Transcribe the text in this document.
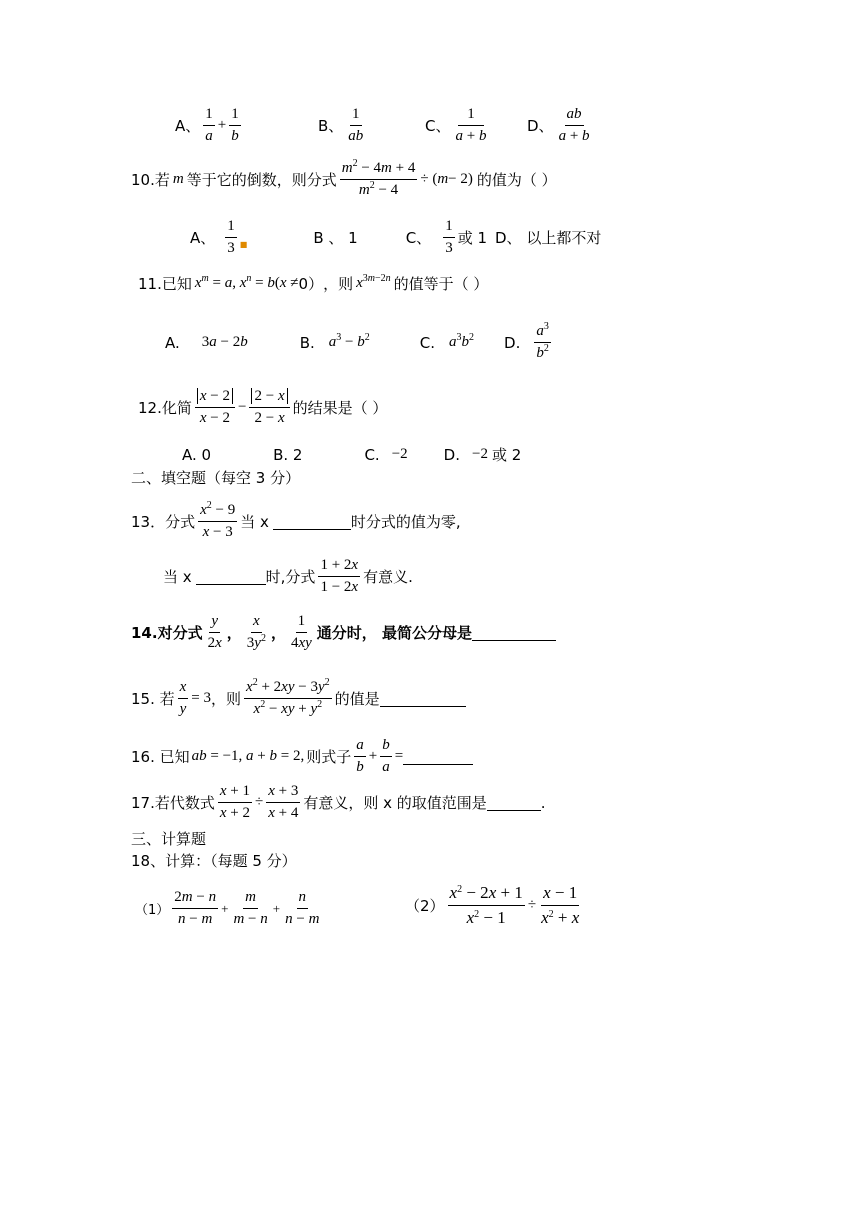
A、 $\frac{1}{a} + \frac{1}{b}$	B、 $\frac{1}{ab}$	C、 $\frac{1}{a + b}$	D、 $\frac{ab}{a + b}$
10.若 m 等于它的倒数，则分式 $\frac{m^2 - 4m + 4}{m^2 - 4}$ ÷ ( m − 2) 的值为（ ）
A、 $\frac{1}{3}$ ■	B 、 1	C、 $\frac{1}{3}$ 或 1 D、 以上都不对
11.已知 $x^m = a$, $x^n = b(x \ne 0)$ ，则 $x^{3m-2n}$ 的值等于（ ）
A. 3a − 2b	B. $a^3 - b^2$	C. $a^3b^2$ D. $\frac{a^3}{b^2}$
12.化简 $\frac{x - 2}{x - 2} - \frac{2 - x}{2 - x}$ 的结果是（ ）
A. 0	B. 2	C. −2 D. −2 或 2
二、填空题（每空 3 分）
13．分式 $\frac{x^2 - 9}{x - 3}$ 当 x	时分式的值为零,
当 x	时,分式 $\frac{1 + 2x}{1 - 2x}$ 有意义.
14.对分式 $\frac{y}{2x}$ ， $\frac{x}{3y^2}$ ， $\frac{1}{4xy}$ 通分时， 最简公分母是
15. 若 $\frac{x}{y} = 3$ ，则 $\frac{x^2 + 2xy - 3y^2}{x^2 - xy + y^2}$ 的值是
16. 已知 ab = −1, a + b = 2, 则式子 $\frac{a}{b} + \frac{b}{a}$ =
17.若代数式 $\frac{x + 1}{x + 2} \div \frac{x + 3}{x + 4}$ 有意义，则 x 的取值范围是	.
三、计算题
18、计算：（每题 5 分）
$(1) \frac{2m - n}{n - m} + \frac{m}{m - n} + \frac{n}{n - m}$	$(2) \frac{x^2 - 2x + 1}{x^2 - 1} \div \frac{x - 1}{x^2 + x}$
